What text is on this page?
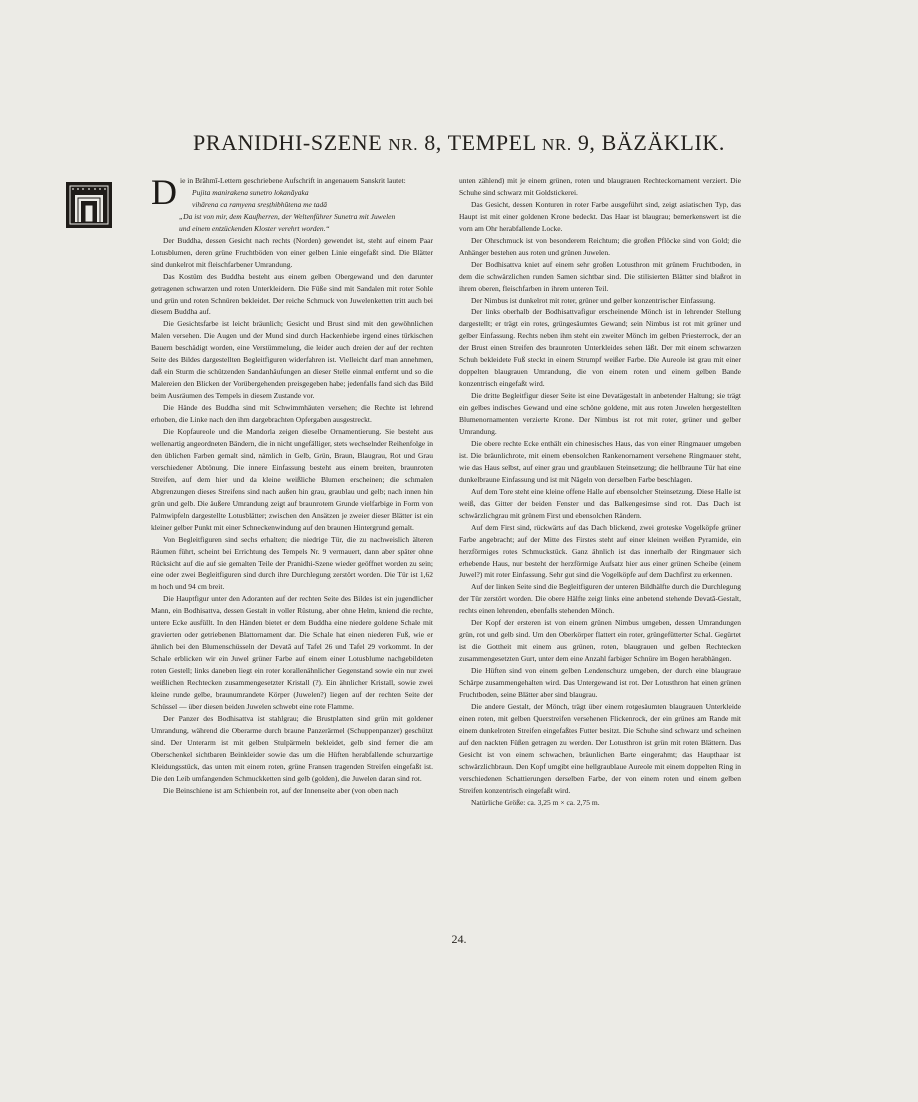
PRANIDHI-SZENE NR. 8, TEMPEL NR. 9, BÄZÄKLIK.

Die in Brāhmī-Lettern geschriebene Aufschrift in angenauem Sanskrit lautet:

Pujita manirakena sunetro lokanāyaka

vihārena ca ramyena sreṣṭhibhūtena me tadā

„Da ist von mir, dem Kaufherren, der Weltenführer Sunetra mit Juwelen

und einem entzückenden Kloster verehrt worden.“

Der Buddha, dessen Gesicht nach rechts (Norden) gewendet ist, steht auf einem Paar Lotusblumen, deren grüne Fruchtböden von einer gelben Linie eingefaßt sind. Die Blätter sind dunkelrot mit fleischfarbener Umrandung.

Das Kostüm des Buddha besteht aus einem gelben Obergewand und den darunter getragenen schwarzen und roten Unterkleidern. Die Füße sind mit Sandalen mit roter Sohle und grün und roten Schnüren bekleidet. Der reiche Schmuck von Juwelenketten tritt auch bei diesem Buddha auf.

Die Gesichtsfarbe ist leicht bräunlich; Gesicht und Brust sind mit den gewöhnlichen Malen versehen. Die Augen und der Mund sind durch Hackenhiebe irgend eines türkischen Bauern beschädigt worden, eine Verstümmelung, die leider auch dreien der auf der rechten Seite des Bildes dargestellten Begleitfiguren widerfahren ist. Vielleicht darf man annehmen, daß ein Sturm die schützenden Sandanhäufungen an dieser Stelle einmal entfernt und so die Malereien den Blicken der Vorübergehenden preisgegeben habe; jedenfalls fand sich das Bild beim Ausräumen des Tempels in diesem Zustande vor.

Die Hände des Buddha sind mit Schwimmhäuten versehen; die Rechte ist lehrend erhoben, die Linke nach den ihm dargebrachten Opfergaben ausgestreckt.

Die Kopfaureole und die Mandorla zeigen dieselbe Ornamentierung. Sie besteht aus wellenartig angeordneten Bändern, die in nicht ungefälliger, stets wechselnder Reihenfolge in den üblichen Farben gemalt sind, nämlich in Gelb, Grün, Braun, Blaugrau, Rot und Grau verschiedener Abtönung. Die innere Einfassung besteht aus einem breiten, braunroten Streifen, auf dem hier und da kleine weißliche Blumen erscheinen; die schmalen Abgrenzungen dieses Streifens sind nach außen hin grau, graublau und gelb; nach innen hin grün und gelb. Die äußere Umrandung zeigt auf braunrotem Grunde vielfarbige in Form von Palmwipfeln dargestellte Lotusblätter; zwischen den Ansätzen je zweier dieser Blätter ist ein kleiner gelber Punkt mit einer Schneckenwindung auf den braunen Hintergrund gemalt.

Von Begleitfiguren sind sechs erhalten; die niedrige Tür, die zu nachweislich älteren Räumen führt, scheint bei Errichtung des Tempels Nr. 9 vermauert, dann aber später ohne Rücksicht auf die auf sie gemalten Teile der Pranidhi-Szene wieder geöffnet worden zu sein; eine oder zwei Begleitfiguren sind durch ihre Durchlegung zerstört worden. Die Tür ist 1,62 m hoch und 94 cm breit.

Die Hauptfigur unter den Adoranten auf der rechten Seite des Bildes ist ein jugendlicher Mann, ein Bodhisattva, dessen Gestalt in voller Rüstung, aber ohne Helm, kniend die rechte, untere Ecke ausfüllt. In den Händen bietet er dem Buddha eine niedere goldene Schale mit gravierten oder getriebenen Blattornament dar. Die Schale hat einen niederen Fuß, wie er ähnlich bei den Blumenschüsseln der Devatā auf Tafel 26 und Tafel 29 vorkommt. In der Schale erblicken wir ein Juwel grüner Farbe auf einem einer Lotusblume nachgebildeten roten Gestell; links daneben liegt ein roter korallenähnlicher Gegenstand sowie ein nur zwei weißlichen Rechtecken zusammengesetzter Kristall (?). Ein ähnlicher Kristall, sowie zwei kleine runde gelbe, braunumrandete Körper (Juwelen?) liegen auf der rechten Seite der Schüssel — über diesen beiden Juwelen schwebt eine rote Flamme.

Der Panzer des Bodhisattva ist stahlgrau; die Brustplatten sind grün mit goldener Umrandung, während die Oberarme durch braune Panzerärmel (Schuppenpanzer) geschützt sind. Der Unterarm ist mit gelben Stulpärmeln bekleidet, gelb sind ferner die am Oberschenkel sichtbaren Beinkleider sowie das um die Hüften herabfallende schurzartige Kleidungsstück, das unten mit einem roten, grüne Fransen tragenden Streifen eingefaßt ist. Die den Leib umfangenden Schmuckketten sind gelb (golden), die Juwelen daran sind rot.

Die Beinschiene ist am Schienbein rot, auf der Innenseite aber (von oben nach

unten zählend) mit je einem grünen, roten und blaugrauen Rechteckornament verziert. Die Schuhe sind schwarz mit Goldstickerei.

Das Gesicht, dessen Konturen in roter Farbe ausgeführt sind, zeigt asiatischen Typ, das Haupt ist mit einer goldenen Krone bedeckt. Das Haar ist blaugrau; bemerkenswert ist die vorn am Ohr herabfallende Locke.

Der Ohrschmuck ist von besonderem Reichtum; die großen Pflöcke sind von Gold; die Anhänger bestehen aus roten und grünen Juwelen.

Der Bodhisattva kniet auf einem sehr großen Lotusthron mit grünem Fruchtboden, in dem die schwärzlichen runden Samen sichtbar sind. Die stilisierten Blätter sind blaßrot in ihrem oberen, fleischfarben in ihrem unteren Teil.

Der Nimbus ist dunkelrot mit roter, grüner und gelber konzentrischer Einfassung.

Der links oberhalb der Bodhisattvafigur erscheinende Mönch ist in lehrender Stellung dargestellt; er trägt ein rotes, grüngesäumtes Gewand; sein Nimbus ist rot mit grüner und gelber Einfassung. Rechts neben ihm steht ein zweiter Mönch im gelben Priesterrock, der an der Brust einen Streifen des braunroten Unterkleides sehen läßt. Der mit einem schwarzen Schuh bekleidete Fuß steckt in einem Strumpf weißer Farbe. Die Aureole ist grau mit einer doppelten blaugrauen Umrandung, die von einem roten und einem gelben Bande konzentrisch eingefaßt wird.

Die dritte Begleitfigur dieser Seite ist eine Devatägestalt in anbetender Haltung; sie trägt ein gelbes indisches Gewand und eine schöne goldene, mit aus roten Juwelen hergestellten Blumenornamenten verzierte Krone. Der Nimbus ist rot mit roter, grüner und gelber Umrandung.

Die obere rechte Ecke enthält ein chinesisches Haus, das von einer Ringmauer umgeben ist. Die bräunlichrote, mit einem ebensolchen Rankenornament versehene Ringmauer steht, wie das Haus selbst, auf einer grau und graublauen Steinsetzung; die hellbraune Tür hat eine dunkelbraune Einfassung und ist mit Nägeln von derselben Farbe beschlagen.

Auf dem Tore steht eine kleine offene Halle auf ebensolcher Steinsetzung. Diese Halle ist weiß, das Gitter der beiden Fenster und das Balkengesimse sind rot. Das Dach ist schwärzlichgrau mit grünem First und ebensolchen Rändern.

Auf dem First sind, rückwärts auf das Dach blickend, zwei groteske Vogelköpfe grüner Farbe angebracht; auf der Mitte des Firstes steht auf einer kleinen weißen Pyramide, ein herzförmiges rotes Schmuckstück. Ganz ähnlich ist das innerhalb der Ringmauer sich erhebende Haus, nur besteht der herzförmige Aufsatz hier aus einer grünen Scheibe (einem Juwel?) mit roter Einfassung. Sehr gut sind die Vogelköpfe auf dem Dachfirst zu erkennen.

Auf der linken Seite sind die Begleitfiguren der unteren Bildhälfte durch die Durchlegung der Tür zerstört worden. Die obere Hälfte zeigt links eine anbetend stehende Devatā-Gestalt, rechts einen lehrenden, ebenfalls stehenden Mönch.

Der Kopf der ersteren ist von einem grünen Nimbus umgeben, dessen Umrandungen grün, rot und gelb sind. Um den Oberkörper flattert ein roter, grüngefütterter Schal. Gegürtet ist die Gottheit mit einem aus grünen, roten, blaugrauen und gelben Rechtecken zusammengesetzten Gurt, unter dem eine Anzahl farbiger Schnüre im Bogen herabhängen.

Die Hüften sind von einem gelben Lendenschurz umgeben, der durch eine blaugraue Schärpe zusammengehalten wird. Das Untergewand ist rot. Der Lotusthron hat einen grünen Fruchtboden, seine Blätter aber sind blaugrau.

Die andere Gestalt, der Mönch, trägt über einem rotgesäumten blaugrauen Unterkleide einen roten, mit gelben Querstreifen versehenen Flickenrock, der ein grünes am Rande mit einem dunkelroten Streifen eingefaßtes Futter besitzt. Die Schuhe sind schwarz und scheinen auf den nackten Füßen getragen zu werden. Der Lotusthron ist grün mit roten Blättern. Das Gesicht ist von einem schwachen, bräunlichen Barte eingerahmt; das Haupthaar ist schwärzlichbraun. Den Kopf umgibt eine hellgraublaue Aureole mit einem doppelten Ring in verschiedenen Schattierungen derselben Farbe, der von einem roten und einem gelben Streifen konzentrisch eingefaßt wird.

Natürliche Größe: ca. 3,25 m × ca. 2,75 m.

24.
